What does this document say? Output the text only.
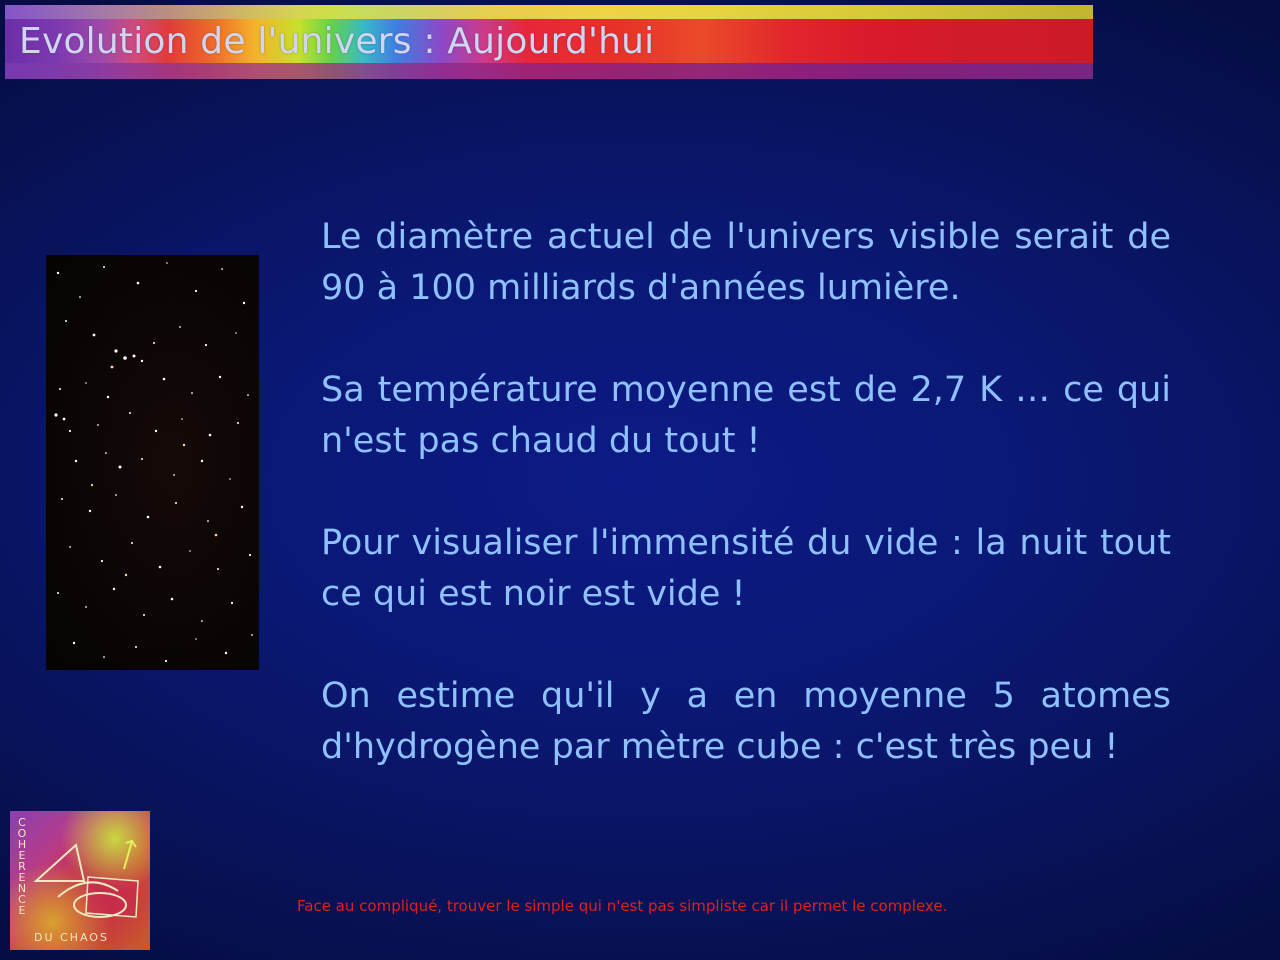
Evolution de l'univers : Aujourd'hui

Le diamètre actuel de l'univers visible serait de 90 à 100 milliards d'années lumière.

Sa température moyenne est de 2,7 K … ce qui n'est pas chaud du tout !

Pour visualiser l'immensité du vide : la nuit tout ce qui est noir est vide !

On estime qu'il y a en moyenne 5 atomes d'hydrogène par mètre cube : c'est très peu !

COHERENCE
DU CHAOS
Face au compliqué, trouver le simple qui n'est pas simpliste car il permet le complexe.
